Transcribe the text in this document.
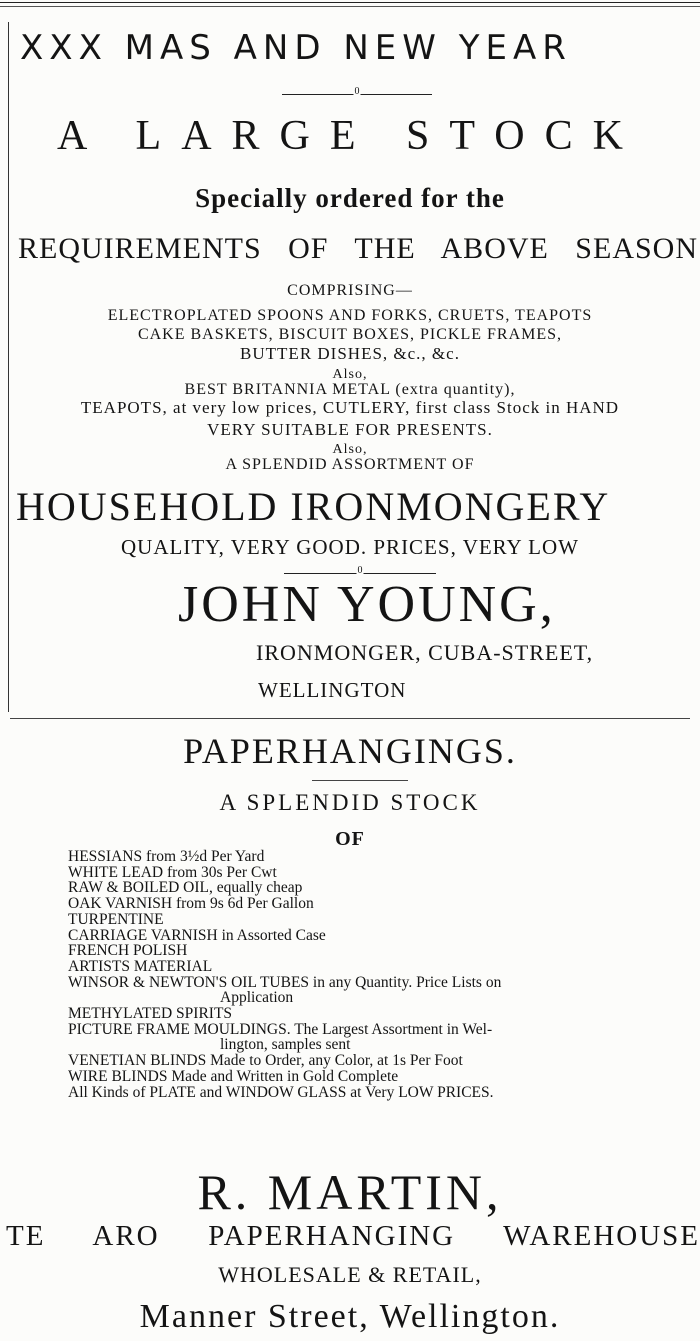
XXX MAS AND NEW YEAR
0
A LARGE STOCK
Specially ordered for the
REQUIREMENTS OF THE ABOVE SEASON
COMPRISING—
ELECTROPLATED SPOONS AND FORKS, CRUETS, TEAPOTS
CAKE BASKETS, BISCUIT BOXES, PICKLE FRAMES,
BUTTER DISHES, &c., &c.
Also,
BEST BRITANNIA METAL (extra quantity),
TEAPOTS, at very low prices, CUTLERY, first class Stock in HAND
VERY SUITABLE FOR PRESENTS.
Also,
A SPLENDID ASSORTMENT OF
HOUSEHOLD IRONMONGERY
QUALITY, VERY GOOD. PRICES, VERY LOW
0
JOHN YOUNG,
IRONMONGER, CUBA-STREET,
WELLINGTON
PAPERHANGINGS.
A SPLENDID STOCK
OF
HESSIANS from 3½d Per Yard
WHITE LEAD from 30s Per Cwt
RAW & BOILED OIL, equally cheap
OAK VARNISH from 9s 6d Per Gallon
TURPENTINE
CARRIAGE VARNISH in Assorted Case
FRENCH POLISH
ARTISTS MATERIAL
WINSOR & NEWTON'S OIL TUBES in any Quantity. Price Lists on
Application
METHYLATED SPIRITS
PICTURE FRAME MOULDINGS. The Largest Assortment in Wel-
lington, samples sent
VENETIAN BLINDS Made to Order, any Color, at 1s Per Foot
WIRE BLINDS Made and Written in Gold Complete
All Kinds of PLATE and WINDOW GLASS at Very LOW PRICES.
R. MARTIN,
TE ARO PAPERHANGING WAREHOUSE
WHOLESALE & RETAIL,
Manner Street, Wellington.
